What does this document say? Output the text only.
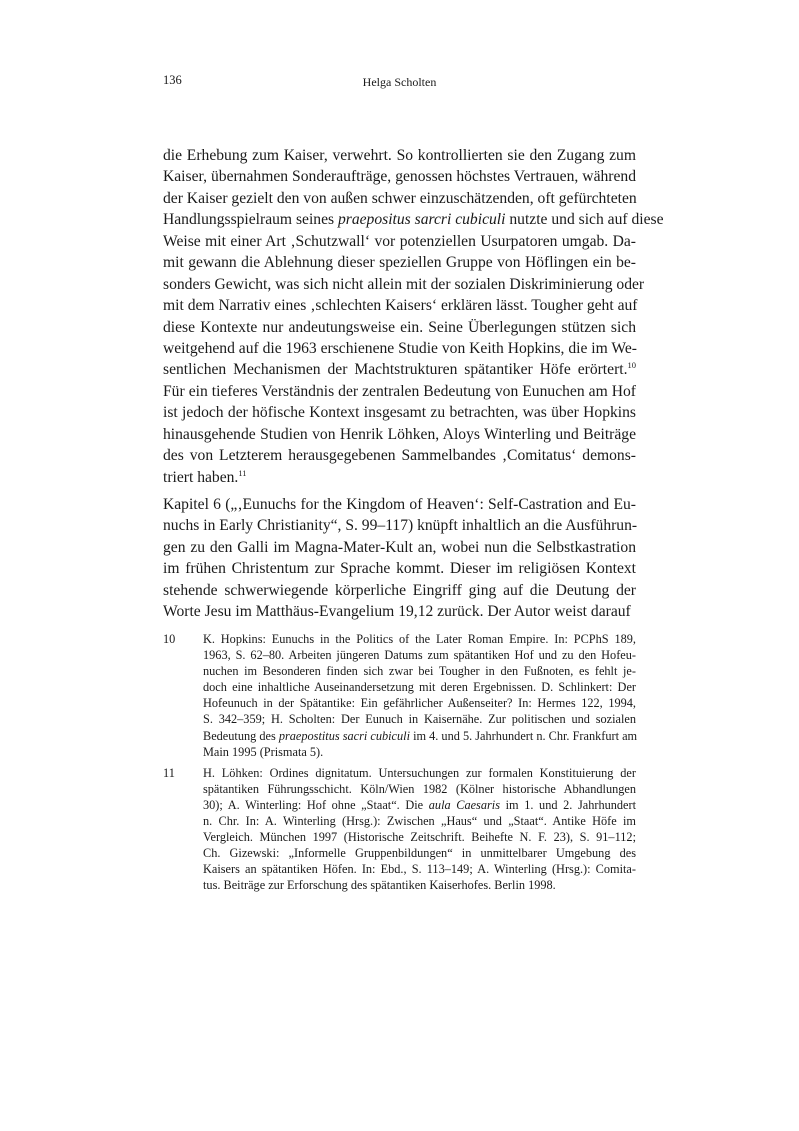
136	Helga Scholten

die Erhebung zum Kaiser, verwehrt. So kontrollierten sie den Zugang zum
Kaiser, übernahmen Sonderaufträge, genossen höchstes Vertrauen, während
der Kaiser gezielt den von außen schwer einzuschätzenden, oft gefürchteten
Handlungsspielraum seines praepositus sarcri cubiculi nutzte und sich auf diese
Weise mit einer Art ‚Schutzwall‘ vor potenziellen Usurpatoren umgab. Da-
mit gewann die Ablehnung dieser speziellen Gruppe von Höflingen ein be-
sonders Gewicht, was sich nicht allein mit der sozialen Diskriminierung oder
mit dem Narrativ eines ‚schlechten Kaisers‘ erklären lässt. Tougher geht auf
diese Kontexte nur andeutungsweise ein. Seine Überlegungen stützen sich
weitgehend auf die 1963 erschienene Studie von Keith Hopkins, die im We-
sentlichen Mechanismen der Machtstrukturen spätantiker Höfe erörtert.$^{10}$
Für ein tieferes Verständnis der zentralen Bedeutung von Eunuchen am Hof
ist jedoch der höfische Kontext insgesamt zu betrachten, was über Hopkins
hinausgehende Studien von Henrik Löhken, Aloys Winterling und Beiträge
des von Letzterem herausgegebenen Sammelbandes ‚Comitatus‘ demons-
triert haben.$^{11}$

Kapitel 6 („‚Eunuchs for the Kingdom of Heaven‘: Self-Castration and Eu-
nuchs in Early Christianity“, S. 99–117) knüpft inhaltlich an die Ausführun-
gen zu den Galli im Magna-Mater-Kult an, wobei nun die Selbstkastration
im frühen Christentum zur Sprache kommt. Dieser im religiösen Kontext
stehende schwerwiegende körperliche Eingriff ging auf die Deutung der
Worte Jesu im Matthäus-Evangelium 19,12 zurück. Der Autor weist darauf

10 K. Hopkins: Eunuchs in the Politics of the Later Roman Empire. In: PCPhS 189,
1963, S. 62–80. Arbeiten jüngeren Datums zum spätantiken Hof und zu den Hofeu-
nuchen im Besonderen finden sich zwar bei Tougher in den Fußnoten, es fehlt je-
doch eine inhaltliche Auseinandersetzung mit deren Ergebnissen. D. Schlinkert: Der
Hofeunuch in der Spätantike: Ein gefährlicher Außenseiter? In: Hermes 122, 1994,
S. 342–359; H. Scholten: Der Eunuch in Kaisernähe. Zur politischen und sozialen
Bedeutung des praepostitus sacri cubiculi im 4. und 5. Jahrhundert n. Chr. Frankfurt am
Main 1995 (Prismata 5).
11 H. Löhken: Ordines dignitatum. Untersuchungen zur formalen Konstituierung der
spätantiken Führungsschicht. Köln/Wien 1982 (Kölner historische Abhandlungen
30); A. Winterling: Hof ohne „Staat“. Die aula Caesaris im 1. und 2. Jahrhundert
n. Chr. In: A. Winterling (Hrsg.): Zwischen „Haus“ und „Staat“. Antike Höfe im
Vergleich. München 1997 (Historische Zeitschrift. Beihefte N. F. 23), S. 91–112;
Ch. Gizewski: „Informelle Gruppenbildungen“ in unmittelbarer Umgebung des
Kaisers an spätantiken Höfen. In: Ebd., S. 113–149; A. Winterling (Hrsg.): Comita-
tus. Beiträge zur Erforschung des spätantiken Kaiserhofes. Berlin 1998.
